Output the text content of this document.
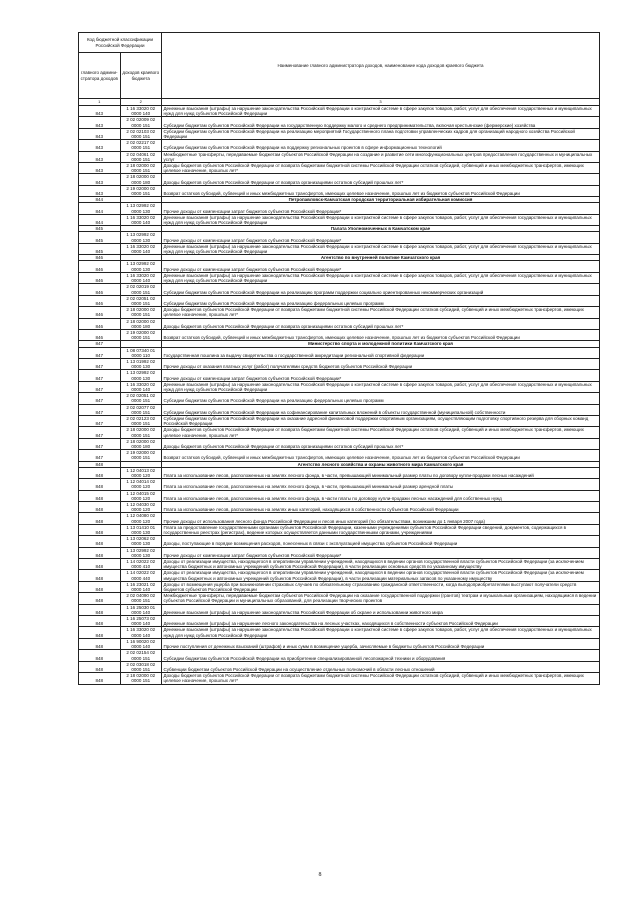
Код бюджетной классификации Российской Федерации		Наименование главного администратора доходов, наименование кода доходов краевого бюджета
главного админи-стратора доходов	доходов краевого бюджета	
1	2	3
843	1 16 33020 02 0000 140	Денежные взыскания (штрафы) за нарушение законодательства Российской Федерации о контрактной системе в сфере закупок товаров, работ, услуг для обеспечения государственных и муниципальных нужд для нужд субъектов Российской Федерации
843	2 02 02009 02 0000 151	Субсидии бюджетам субъектов Российской Федерации на государственную поддержку малого и среднего предпринимательства, включая крестьянские (фермерские) хозяйства
843	2 02 02103 02 0000 151	Субсидии бюджетам субъектов Российской Федерации на реализацию мероприятий Государственного плана подготовки управленческих кадров для организаций народного хозяйства Российской Федерации
843	2 02 02217 02 0000 151	Субсидии бюджетам субъектов Российской Федерации на поддержку региональных проектов в сфере информационных технологий
843	2 02 04061 02 0000 151	Межбюджетные трансферты, передаваемые бюджетам субъектов Российской Федерации на создание и развитие сети многофункциональных центров предоставления государственных и муниципальных услуг
843	2 18 02000 02 0000 151	Доходы бюджетов субъектов Российской Федерации от возврата бюджетами бюджетной системы Российской Федерации остатков субсидий, субвенций и иных межбюджетных трансфертов, имеющих целевое назначение, прошлых лет*
843	2 18 02000 02 0000 180	Доходы бюджетов субъектов Российской Федерации от возврата организациями остатков субсидий прошлых лет*
843	2 19 02000 02 0000 151	Возврат остатков субсидий, субвенций и иных межбюджетных трансфертов, имеющих целевое назначение, прошлых лет из бюджетов субъектов Российской Федерации
844		Петропавловск-Камчатская городская территориальная избирательная комиссия
844	1 13 02992 02 0000 130	Прочие доходы от компенсации затрат бюджетов субъектов Российской Федерации*
844	1 16 33020 02 0000 140	Денежные взыскания (штрафы) за нарушение законодательства Российской Федерации о контрактной системе в сфере закупок товаров, работ, услуг для обеспечения государственных и муниципальных нужд для нужд субъектов Российской Федерации
845		Палата Уполномоченных в Камчатском крае
845	1 13 02992 02 0000 130	Прочие доходы от компенсации затрат бюджетов субъектов Российской Федерации*
845	1 16 33020 02 0000 140	Денежные взыскания (штрафы) за нарушение законодательства Российской Федерации о контрактной системе в сфере закупок товаров, работ, услуг для обеспечения государственных и муниципальных нужд для нужд субъектов Российской Федерации
846		Агентство по внутренней политике Камчатского края
846	1 13 02992 02 0000 130	Прочие доходы от компенсации затрат бюджетов субъектов Российской Федерации*
846	1 16 33020 02 0000 140	Денежные взыскания (штрафы) за нарушение законодательства Российской Федерации о контрактной системе в сфере закупок товаров, работ, услуг для обеспечения государственных и муниципальных нужд для нужд субъектов Российской Федерации
846	2 02 02019 02 0000 151	Субсидии бюджетам субъектов Российской Федерации на реализацию программ поддержки социально ориентированных некоммерческих организаций
846	2 02 02051 02 0000 151	Субсидии бюджетам субъектов Российской Федерации на реализацию федеральных целевых программ
846	2 18 02000 02 0000 151	Доходы бюджетов субъектов Российской Федерации от возврата бюджетами бюджетной системы Российской Федерации остатков субсидий, субвенций и иных межбюджетных трансфертов, имеющих целевое назначение, прошлых лет*
846	2 18 02000 02 0000 180	Доходы бюджетов субъектов Российской Федерации от возврата организациями остатков субсидий прошлых лет*
846	2 19 02000 02 0000 151	Возврат остатков субсидий, субвенций и иных межбюджетных трансфертов, имеющих целевое назначение, прошлых лет из бюджетов субъектов Российской Федерации
847		Министерство спорта и молодежной политики Камчатского края
847	1 08 07340 01 0000 110	Государственная пошлина за выдачу свидетельства о государственной аккредитации региональной спортивной федерации
847	1 13 01992 02 0000 130	Прочие доходы от оказания платных услуг (работ) получателями средств бюджетов субъектов Российской Федерации
847	1 13 02992 02 0000 130	Прочие доходы от компенсации затрат бюджетов субъектов Российской Федерации*
847	1 16 33020 02 0000 140	Денежные взыскания (штрафы) за нарушение законодательства Российской Федерации о контрактной системе в сфере закупок товаров, работ, услуг для обеспечения государственных и муниципальных нужд для нужд субъектов Российской Федерации
847	2 02 02051 02 0000 151	Субсидии бюджетам субъектов Российской Федерации на реализацию федеральных целевых программ
847	2 02 02077 02 0000 151	Субсидии бюджетам субъектов Российской Федерации на софинансирование капитальных вложений в объекты государственной (муниципальной) собственности
847	2 02 02123 02 0000 151	Субсидии бюджетам субъектов Российской Федерации на оказание адресной финансовой поддержки спортивным организациям, осуществляющим подготовку спортивного резерва для сборных команд Российской Федерации
847	2 18 02000 02 0000 151	Доходы бюджетов субъектов Российской Федерации от возврата бюджетами бюджетной системы Российской Федерации остатков субсидий, субвенций и иных межбюджетных трансфертов, имеющих целевое назначение, прошлых лет*
847	2 18 02000 02 0000 180	Доходы бюджетов субъектов Российской Федерации от возврата организациями остатков субсидий прошлых лет*
847	2 19 02000 02 0000 151	Возврат остатков субсидий, субвенций и иных межбюджетных трансфертов, имеющих целевое назначение, прошлых лет из бюджетов субъектов Российской Федерации
848		Агентство лесного хозяйства и охраны животного мира Камчатского края
848	1 12 04013 02 0000 120	Плата за использование лесов, расположенных на землях лесного фонда, в части, превышающей минимальный размер платы по договору купли-продажи лесных насаждений
848	1 12 04014 02 0000 120	Плата за использование лесов, расположенных на землях лесного фонда, в части, превышающей минимальный размер арендной платы
848	1 12 04015 02 0000 120	Плата за использование лесов, расположенных на землях лесного фонда, в части платы по договору купли-продажи лесных насаждений для собственных нужд
848	1 12 04030 02 0000 120	Плата за использование лесов, расположенных на землях иных категорий, находящихся в собственности субъектов Российской Федерации
848	1 12 04080 02 0000 120	Прочие доходы от использования лесного фонда Российской Федерации и лесов иных категорий (по обязательствам, возникшим до 1 января 2007 года)
848	1 13 01410 01 0000 130	Плата за предоставление государственными органами субъектов Российской Федерации, казенными учреждениями субъектов Российской Федерации сведений, документов, содержащихся в государственных реестрах (регистрах), ведение которых осуществляется данными государственными органами, учреждениями
848	1 13 02062 02 0000 130	Доходы, поступающие в порядке возмещения расходов, понесенных в связи с эксплуатацией имущества субъектов Российской Федерации
848	1 13 02992 02 0000 130	Прочие доходы от компенсации затрат бюджетов субъектов Российской Федерации*
848	1 14 02022 02 0000 410	Доходы от реализации имущества, находящегося в оперативном управлении учреждений, находящихся в ведении органов государственной власти субъектов Российской Федерации (за исключением имущества бюджетных и автономных учреждений субъектов Российской Федерации), в части реализации основных средств по указанному имуществу
848	1 14 02022 02 0000 440	Доходы от реализации имущества, находящегося в оперативном управлении учреждений, находящихся в ведении органов государственной власти субъектов Российской Федерации (за исключением имущества бюджетных и автономных учреждений субъектов Российской Федерации), в части реализации материальных запасов по указанному имуществу
848	1 16 23021 02 0000 140	Доходы от возмещения ущерба при возникновении страховых случаев по обязательному страхованию гражданской ответственности, когда выгодоприобретателями выступают получатели средств бюджетов субъектов Российской Федерации
848	2 02 04090 02 0000 151	Межбюджетные трансферты, передаваемые бюджетам субъектов Российской Федерации на оказание государственной поддержки (грантов) театрам и музыкальным организациям, находящимся в ведении субъектов Российской Федерации и муниципальных образований, для реализации творческих проектов
848	1 16 25030 01 0000 140	Денежные взыскания (штрафы) за нарушение законодательства Российской Федерации об охране и использовании животного мира
848	1 16 25073 02 0000 140	Денежные взыскания (штрафы) за нарушение лесного законодательства на лесных участках, находящихся в собственности субъектов Российской Федерации
848	1 16 33020 02 0000 140	Денежные взыскания (штрафы) за нарушение законодательства Российской Федерации о контрактной системе в сфере закупок товаров, работ, услуг для обеспечения государственных и муниципальных нужд для нужд субъектов Российской Федерации
848	1 16 90020 02 0000 140	Прочие поступления от денежных взысканий (штрафов) и иных сумм в возмещение ущерба, зачисляемые в бюджеты субъектов Российской Федерации
848	2 02 02154 02 0000 151	Субсидии бюджетам субъектов Российской Федерации на приобретение специализированной лесопожарной техники и оборудования
848	2 02 03018 02 0000 151	Субвенции бюджетам субъектов Российской Федерации на осуществление отдельных полномочий в области лесных отношений
848	2 18 02000 02 0000 151	Доходы бюджетов субъектов Российской Федерации от возврата бюджетами бюджетной системы Российской Федерации остатков субсидий, субвенций и иных межбюджетных трансфертов, имеющих целевое назначение, прошлых лет*
8
